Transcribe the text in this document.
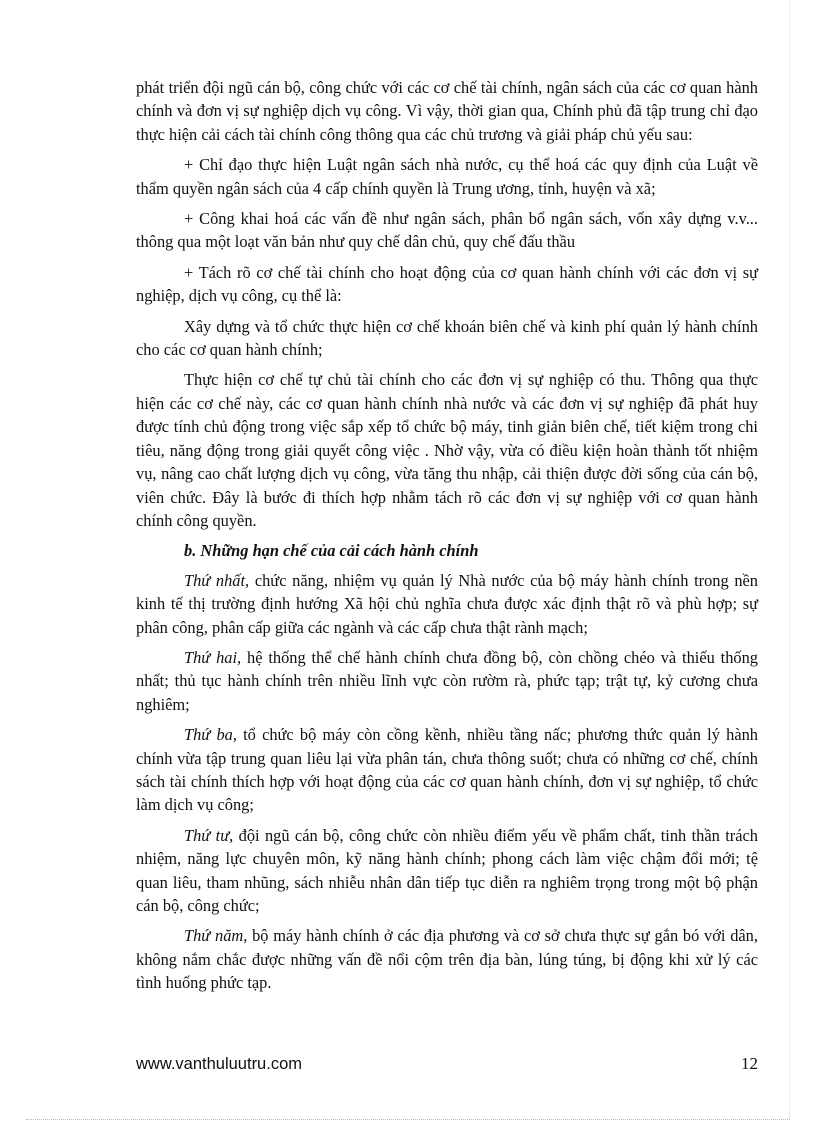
phát triển đội ngũ cán bộ, công chức với các cơ chế tài chính, ngân sách của các cơ quan hành chính và đơn vị sự nghiệp dịch vụ công. Vì vậy, thời gian qua, Chính phủ đã tập trung chỉ đạo thực hiện cải cách tài chính công thông qua các chủ trương và giải pháp chủ yếu sau:

+ Chỉ đạo thực hiện Luật ngân sách nhà nước, cụ thể hoá các quy định của Luật về thẩm quyền ngân sách của 4 cấp chính quyền là Trung ương, tỉnh, huyện và xã;

+ Công khai hoá các vấn đề như ngân sách, phân bổ ngân sách, vốn xây dựng v.v... thông qua một loạt văn bản như quy chế dân chủ, quy chế đấu thầu

+ Tách rõ cơ chế tài chính cho hoạt động của cơ quan hành chính với các đơn vị sự nghiệp, dịch vụ công, cụ thể là:

Xây dựng và tổ chức thực hiện cơ chế khoán biên chế và kinh phí quản lý hành chính cho các cơ quan hành chính;

Thực hiện cơ chế tự chủ tài chính cho các đơn vị sự nghiệp có thu. Thông qua thực hiện các cơ chế này, các cơ quan hành chính nhà nước và các đơn vị sự nghiệp đã phát huy được tính chủ động trong việc sắp xếp tổ chức bộ máy, tinh giản biên chế, tiết kiệm trong chi tiêu, năng động trong giải quyết công việc . Nhờ vậy, vừa có điều kiện hoàn thành tốt nhiệm vụ, nâng cao chất lượng dịch vụ công, vừa tăng thu nhập, cải thiện được đời sống của cán bộ, viên chức. Đây là bước đi thích hợp nhằm tách rõ các đơn vị sự nghiệp với cơ quan hành chính công quyền.

b. Những hạn chế của cải cách hành chính

Thứ nhất, chức năng, nhiệm vụ quản lý Nhà nước của bộ máy hành chính trong nền kinh tế thị trường định hướng Xã hội chủ nghĩa chưa được xác định thật rõ và phù hợp; sự phân công, phân cấp giữa các ngành và các cấp chưa thật rành mạch;

Thứ hai, hệ thống thể chế hành chính chưa đồng bộ, còn chồng chéo và thiếu thống nhất; thủ tục hành chính trên nhiều lĩnh vực còn rườm rà, phức tạp; trật tự, kỷ cương chưa nghiêm;

Thứ ba, tổ chức bộ máy còn cồng kềnh, nhiều tầng nấc; phương thức quản lý hành chính vừa tập trung quan liêu lại vừa phân tán, chưa thông suốt; chưa có những cơ chế, chính sách tài chính thích hợp với hoạt động của các cơ quan hành chính, đơn vị sự nghiệp, tổ chức làm dịch vụ công;

Thứ tư, đội ngũ cán bộ, công chức còn nhiều điểm yếu về phẩm chất, tinh thần trách nhiệm, năng lực chuyên môn, kỹ năng hành chính; phong cách làm việc chậm đổi mới; tệ quan liêu, tham nhũng, sách nhiễu nhân dân tiếp tục diễn ra nghiêm trọng trong một bộ phận cán bộ, công chức;

Thứ năm, bộ máy hành chính ở các địa phương và cơ sở chưa thực sự gắn bó với dân, không nắm chắc được những vấn đề nổi cộm trên địa bàn, lúng túng, bị động khi xử lý các tình huống phức tạp.

www.vanthuluutru.com	12
